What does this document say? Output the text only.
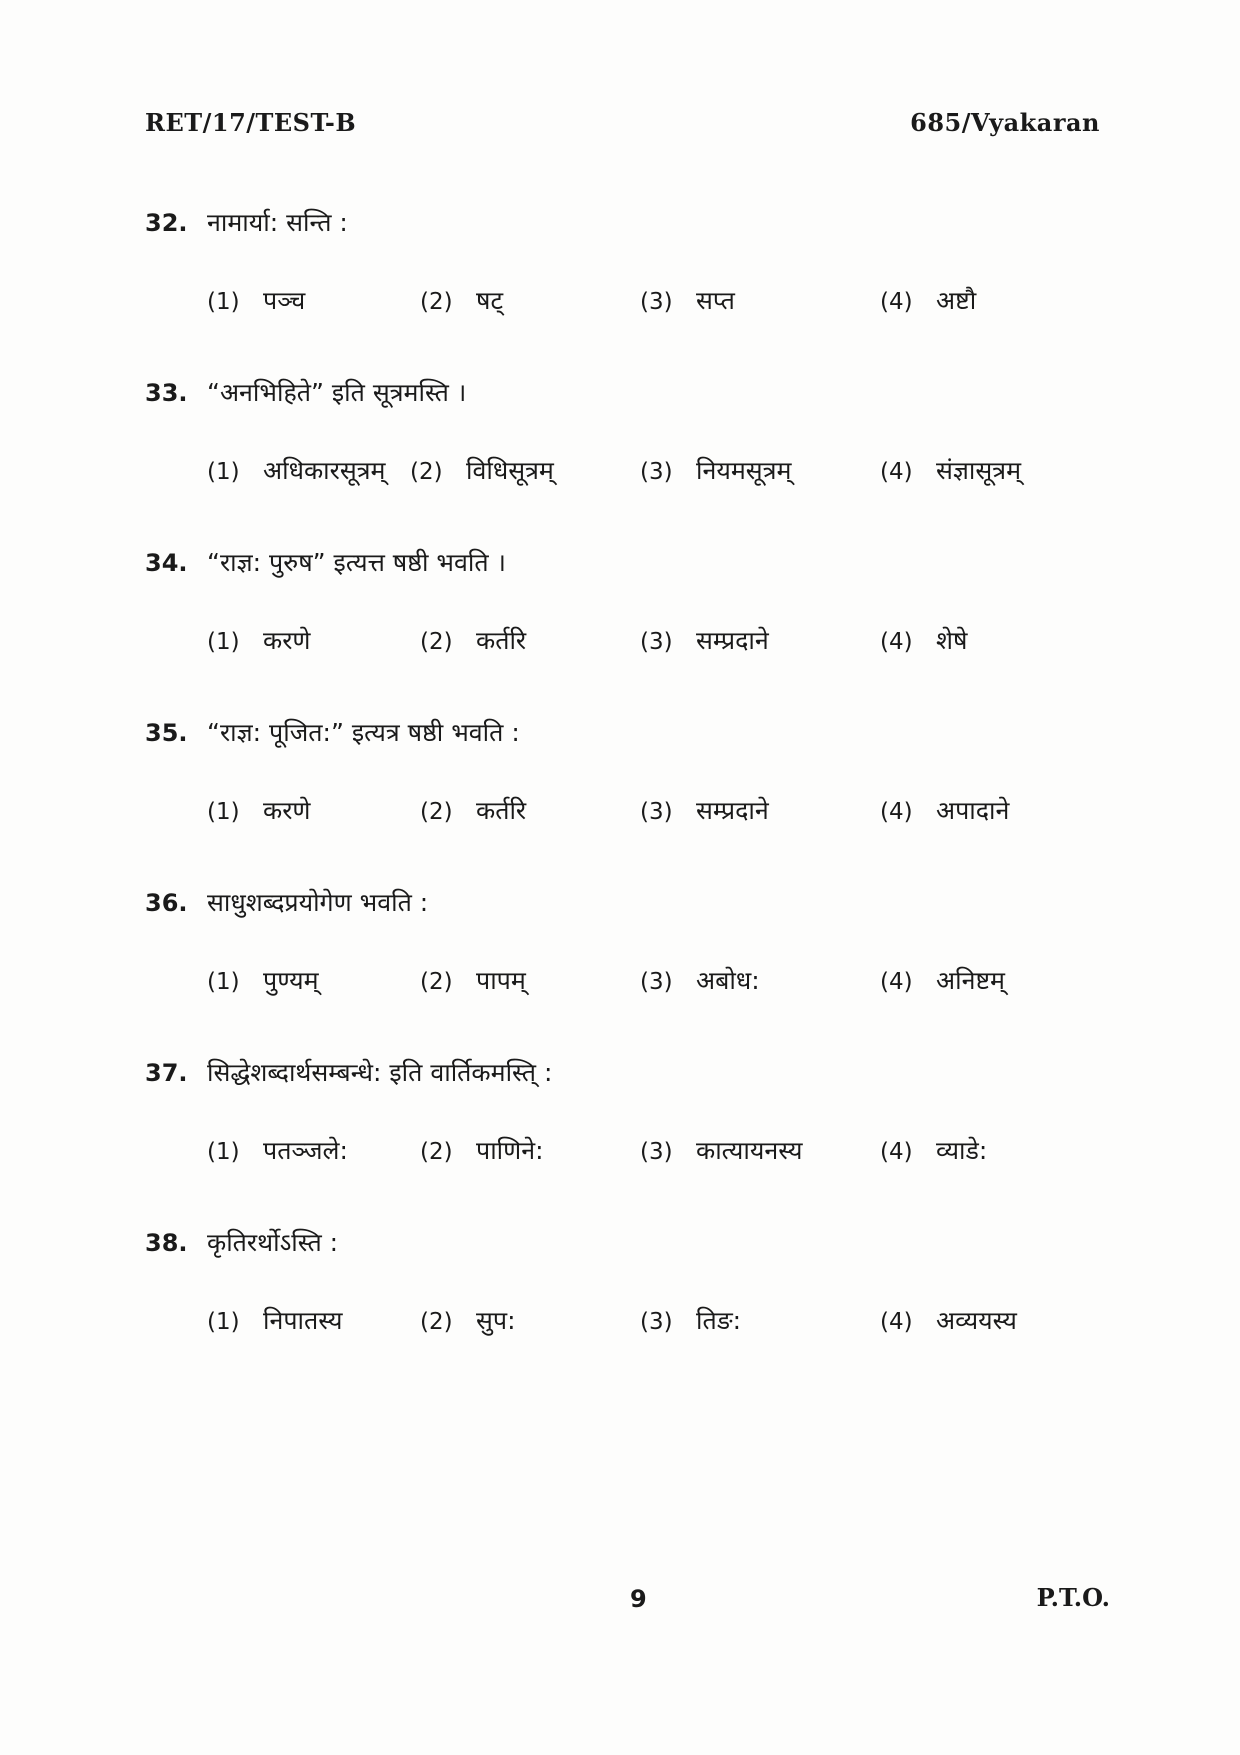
RET/17/TEST-B	685/Vyakaran
32. नामार्या: सन्ति :
(1) पञ्च	(2) षट्	(3) सप्त	(4) अष्टौ
33. “अनभिहिते” इति सूत्रमस्ति ।
(1) अधिकारसूत्रम् (2) विधिसूत्रम्	(3) नियमसूत्रम्	(4) संज्ञासूत्रम्
34. “राज्ञ: पुरुष” इत्यत्त षष्ठी भवति ।
(1) करणे	(2) कर्तरि	(3) सम्प्रदाने	(4) शेषे
35. “राज्ञ: पूजित:” इत्यत्र षष्ठी भवति :
(1) करणे	(2) कर्तरि	(3) सम्प्रदाने	(4) अपादाने
36. साधुशब्दप्रयोगेण भवति :
(1) पुण्यम्	(2) पापम्	(3) अबोध:	(4) अनिष्टम्
37. सिद्धेशब्दार्थसम्बन्धे: इति वार्तिकमस्ति् :
(1) पतञ्जले:	(2) पाणिने:	(3) कात्यायनस्य	(4) व्याडे:
38. कृतिरर्थोऽस्ति :
(1) निपातस्य	(2) सुप:	(3) तिङ:	(4) अव्ययस्य
9	P.T.O.
